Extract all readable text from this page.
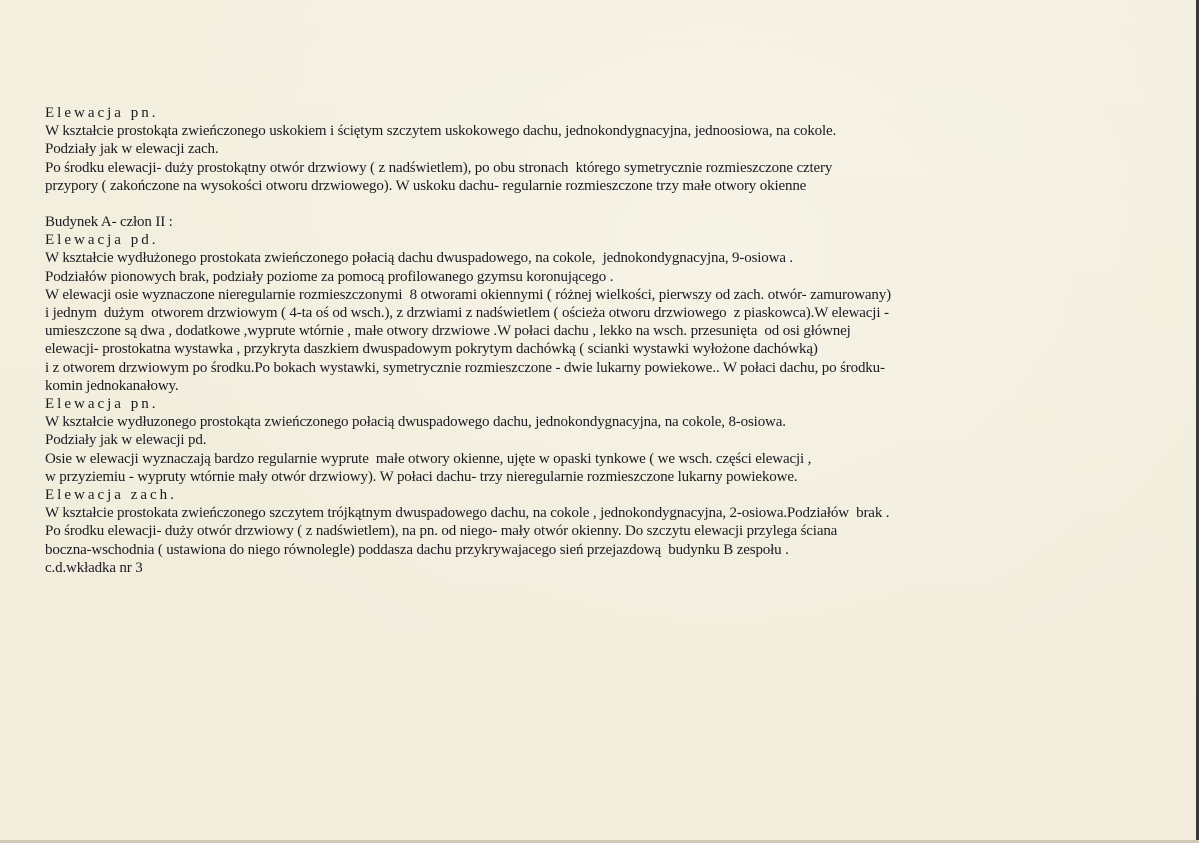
Elewacja pn.

W kształcie prostokąta zwieńczonego uskokiem i ściętym szczytem uskokowego dachu, jednokondygnacyjna, jednoosiowa, na cokole.

Podziały jak w elewacji zach.

Po środku elewacji- duży prostokątny otwór drzwiowy ( z nadświetlem), po obu stronach  którego symetrycznie rozmieszczone cztery

przypory ( zakończone na wysokości otworu drzwiowego). W uskoku dachu- regularnie rozmieszczone trzy małe otwory okienne

Budynek A- człon II :

Elewacja pd.

W kształcie wydłużonego prostokata zwieńczonego połacią dachu dwuspadowego, na cokole,  jednokondygnacyjna, 9-osiowa .

Podziałów pionowych brak, podziały poziome za pomocą profilowanego gzymsu koronującego .

W elewacji osie wyznaczone nieregularnie rozmieszczonymi  8 otworami okiennymi ( różnej wielkości, pierwszy od zach. otwór- zamurowany)

i jednym  dużym  otworem drzwiowym ( 4-ta oś od wsch.), z drzwiami z nadświetlem ( ościeża otworu drzwiowego  z piaskowca).W elewacji -

umieszczone są dwa , dodatkowe ,wyprute wtórnie , małe otwory drzwiowe .W połaci dachu , lekko na wsch. przesunięta  od osi głównej

elewacji- prostokatna wystawka , przykryta daszkiem dwuspadowym pokrytym dachówką ( scianki wystawki wyłożone dachówką)

i z otworem drzwiowym po środku.Po bokach wystawki, symetrycznie rozmieszczone - dwie lukarny powiekowe.. W połaci dachu, po środku-

komin jednokanałowy.

Elewacja pn.

W kształcie wydłuzonego prostokąta zwieńczonego połacią dwuspadowego dachu, jednokondygnacyjna, na cokole, 8-osiowa.

Podziały jak w elewacji pd.

Osie w elewacji wyznaczają bardzo regularnie wyprute  małe otwory okienne, ujęte w opaski tynkowe ( we wsch. części elewacji ,

w przyziemiu - wypruty wtórnie mały otwór drzwiowy). W połaci dachu- trzy nieregularnie rozmieszczone lukarny powiekowe.

Elewacja zach.

W kształcie prostokata zwieńczonego szczytem trójkątnym dwuspadowego dachu, na cokole , jednokondygnacyjna, 2-osiowa.Podziałów  brak .

Po środku elewacji- duży otwór drzwiowy ( z nadświetlem), na pn. od niego- mały otwór okienny. Do szczytu elewacji przylega ściana

boczna-wschodnia ( ustawiona do niego równolegle) poddasza dachu przykrywajacego sień przejazdową  budynku B zespołu .

c.d.wkładka nr 3
